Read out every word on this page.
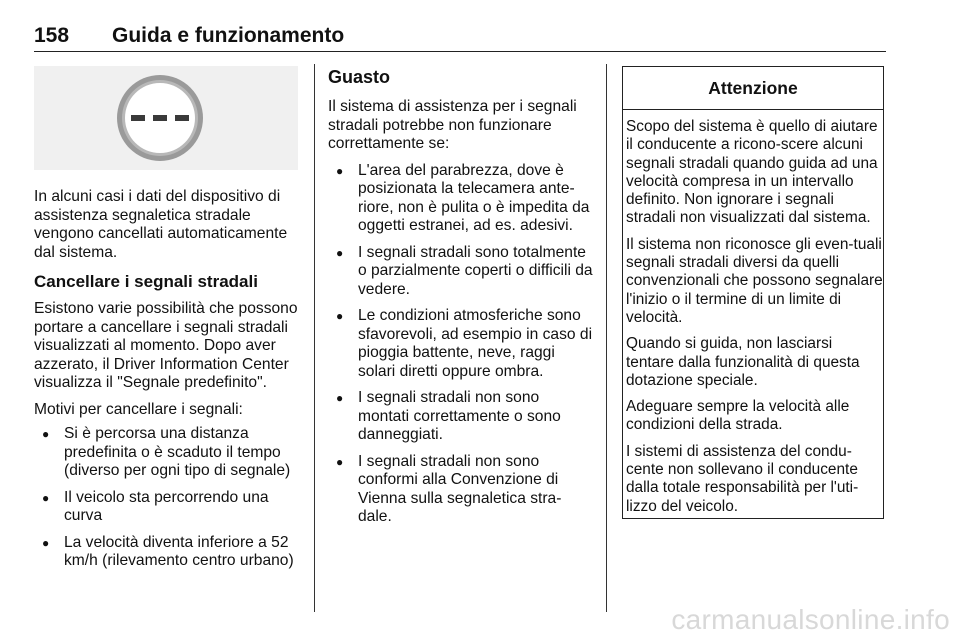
158 Guida e funzionamento

In alcuni casi i dati del dispositivo di assistenza segnaletica stradale vengono cancellati automaticamente dal sistema.

Cancellare i segnali stradali

Esistono varie possibilità che possono portare a cancellare i segnali stradali visualizzati al momento. Dopo aver azzerato, il Driver Information Center visualizza il "Segnale predefinito".

Motivi per cancellare i segnali:

● Si è percorsa una distanza predefinita o è scaduto il tempo (diverso per ogni tipo di segnale)
● Il veicolo sta percorrendo una curva
● La velocità diventa inferiore a 52 km/h (rilevamento centro urbano)
Guasto

Il sistema di assistenza per i segnali stradali potrebbe non funzionare correttamente se:

● L'area del parabrezza, dove è posizionata la telecamera ante-riore, non è pulita o è impedita da oggetti estranei, ad es. adesivi.
● I segnali stradali sono totalmente o parzialmente coperti o difficili da vedere.
● Le condizioni atmosferiche sono sfavorevoli, ad esempio in caso di pioggia battente, neve, raggi solari diretti oppure ombra.
● I segnali stradali non sono montati correttamente o sono danneggiati.
● I segnali stradali non sono conformi alla Convenzione di Vienna sulla segnaletica stra-dale.
Attenzione

Scopo del sistema è quello di aiutare il conducente a ricono-scere alcuni segnali stradali quando guida ad una velocità compresa in un intervallo definito. Non ignorare i segnali stradali non visualizzati dal sistema.

Il sistema non riconosce gli even-tuali segnali stradali diversi da quelli convenzionali che possono segnalare l'inizio o il termine di un limite di velocità.

Quando si guida, non lasciarsi tentare dalla funzionalità di questa dotazione speciale.

Adeguare sempre la velocità alle condizioni della strada.

I sistemi di assistenza del condu-cente non sollevano il conducente dalla totale responsabilità per l'uti-lizzo del veicolo.

carmanualsonline.info
